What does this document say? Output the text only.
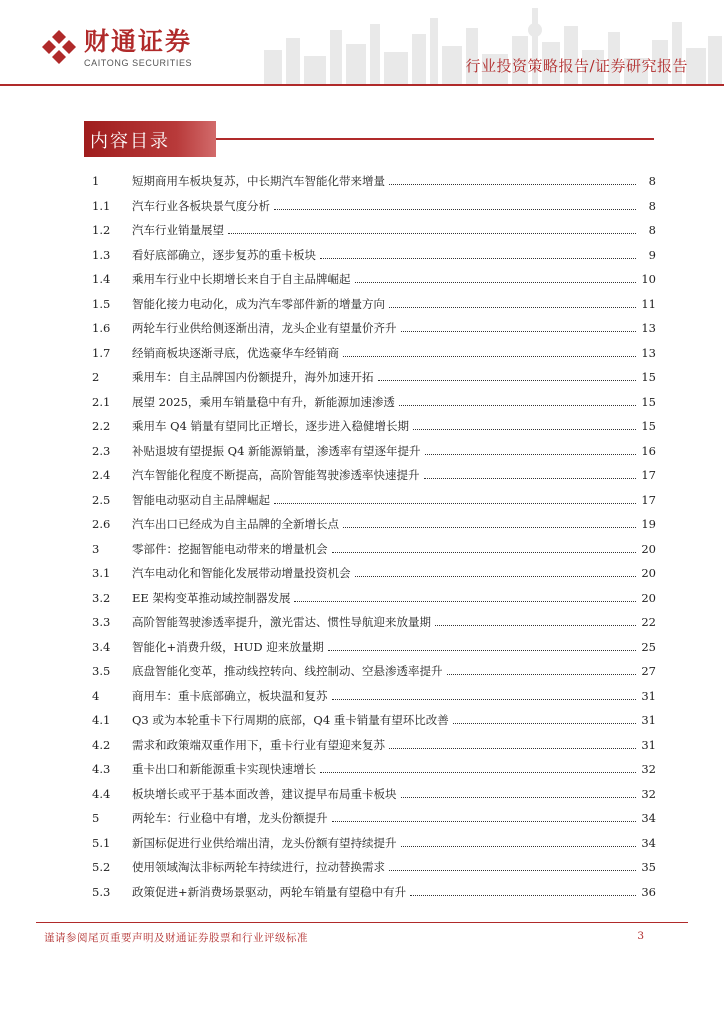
财通证券
CAITONG SECURITIES	行业投资策略报告/证券研究报告
内容目录
1	短期商用车板块复苏，中长期汽车智能化带来增量	8
1.1	汽车行业各板块景气度分析	8
1.2	汽车行业销量展望	8
1.3	看好底部确立，逐步复苏的重卡板块	9
1.4	乘用车行业中长期增长来自于自主品牌崛起	10
1.5	智能化接力电动化，成为汽车零部件新的增量方向	11
1.6	两轮车行业供给侧逐渐出清，龙头企业有望量价齐升	13
1.7	经销商板块逐渐寻底，优选豪华车经销商	13
2	乘用车：自主品牌国内份额提升，海外加速开拓	15
2.1	展望 2025，乘用车销量稳中有升，新能源加速渗透	15
2.2	乘用车 Q4 销量有望同比正增长，逐步进入稳健增长期	15
2.3	补贴退坡有望提振 Q4 新能源销量，渗透率有望逐年提升	16
2.4	汽车智能化程度不断提高，高阶智能驾驶渗透率快速提升	17
2.5	智能电动驱动自主品牌崛起	17
2.6	汽车出口已经成为自主品牌的全新增长点	19
3	零部件：挖掘智能电动带来的增量机会	20
3.1	汽车电动化和智能化发展带动增量投资机会	20
3.2	EE 架构变革推动域控制器发展	20
3.3	高阶智能驾驶渗透率提升，激光雷达、惯性导航迎来放量期	22
3.4	智能化+消费升级，HUD 迎来放量期	25
3.5	底盘智能化变革，推动线控转向、线控制动、空悬渗透率提升	27
4	商用车：重卡底部确立，板块温和复苏	31
4.1	Q3 或为本轮重卡下行周期的底部，Q4 重卡销量有望环比改善	31
4.2	需求和政策端双重作用下，重卡行业有望迎来复苏	31
4.3	重卡出口和新能源重卡实现快速增长	32
4.4	板块增长或平于基本面改善，建议提早布局重卡板块	32
5	两轮车：行业稳中有增，龙头份额提升	34
5.1	新国标促进行业供给端出清，龙头份额有望持续提升	34
5.2	使用领域淘汰非标两轮车持续进行，拉动替换需求	35
5.3	政策促进+新消费场景驱动，两轮车销量有望稳中有升	36
谨请参阅尾页重要声明及财通证券股票和行业评级标准	3
